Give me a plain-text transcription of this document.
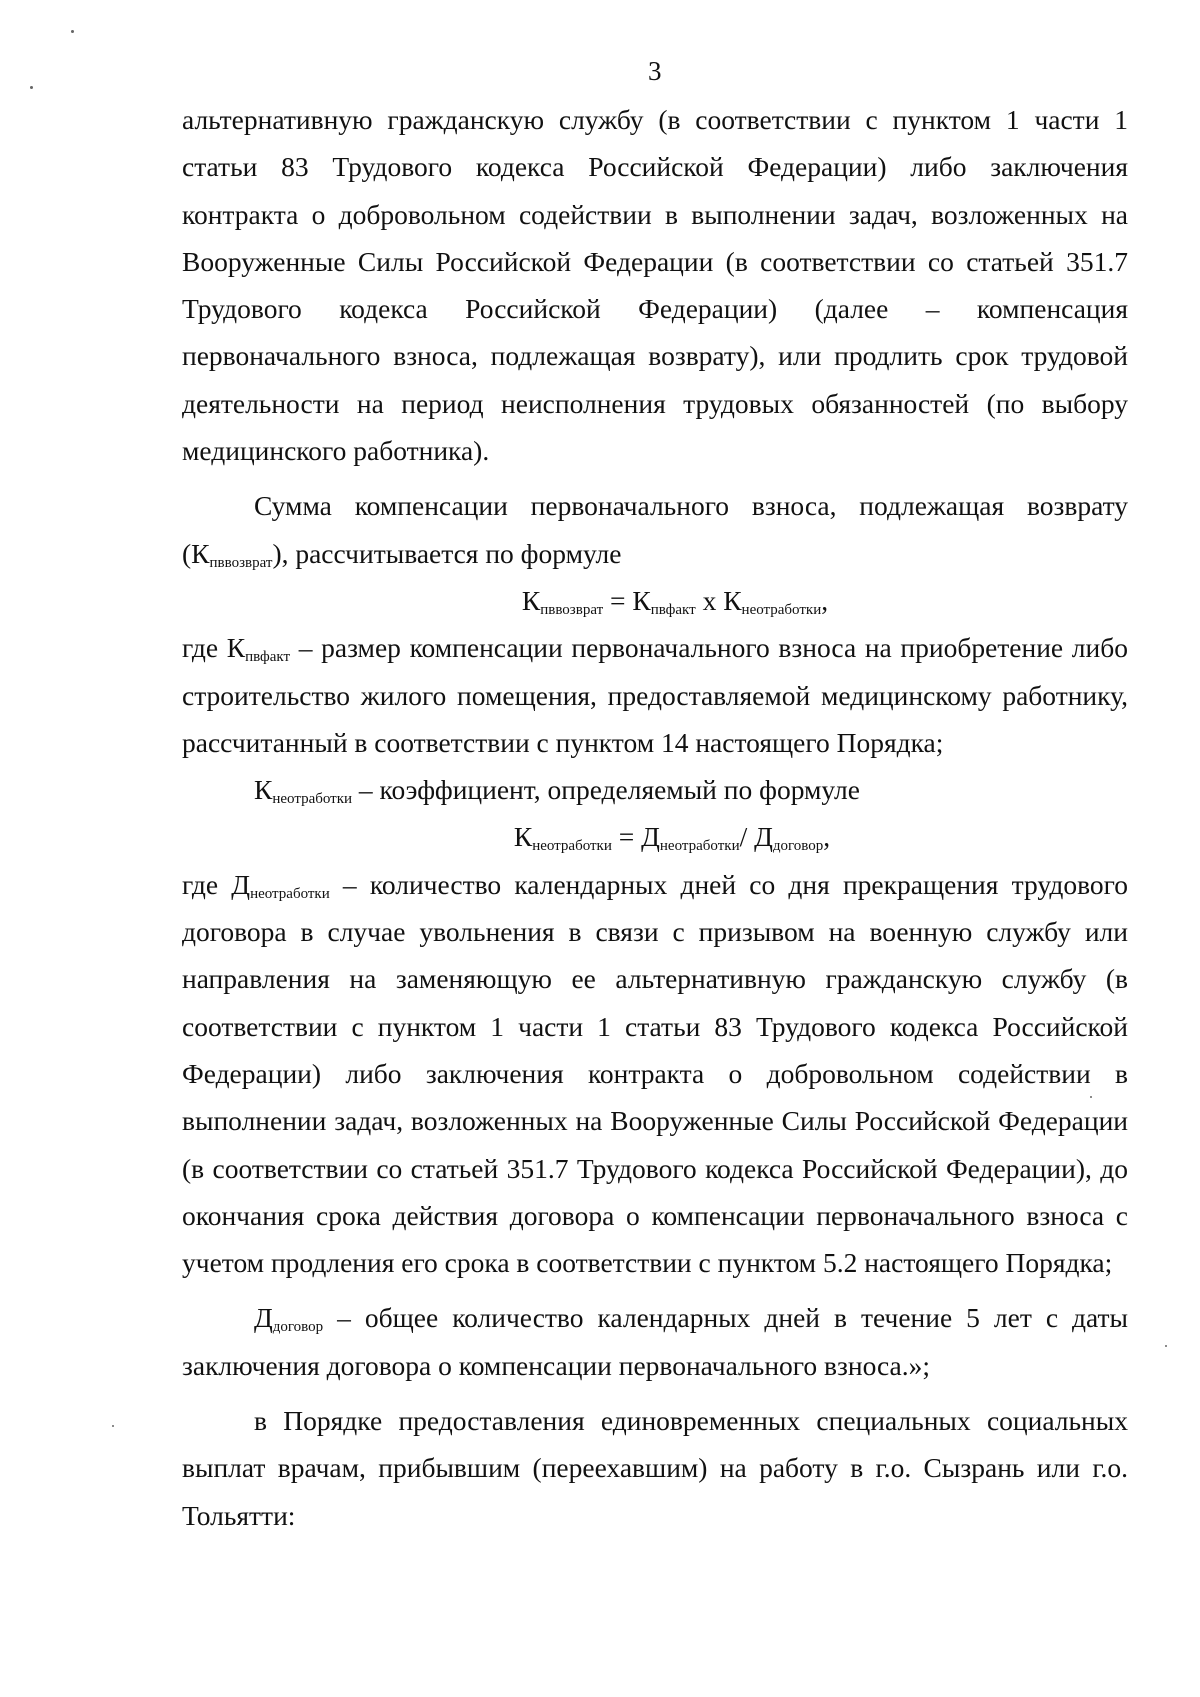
3

альтернативную гражданскую службу (в соответствии с пунктом 1 части 1 статьи 83 Трудового кодекса Российской Федерации) либо заключения контракта о добровольном содействии в выполнении задач, возложенных на Вооруженные Силы Российской Федерации (в соответствии со статьей 351.7 Трудового кодекса Российской Федерации) (далее – компенсация первоначального взноса, подлежащая возврату), или продлить срок трудовой деятельности на период неисполнения трудовых обязанностей (по выбору медицинского работника).

Сумма компенсации первоначального взноса, подлежащая возврату $(К_{пввозврат})$, рассчитывается по формуле

$К_{пввозврат} = К_{пвфакт}$ x $К_{неотработки}$,

где $К_{пвфакт}$ – размер компенсации первоначального взноса на приобретение либо строительство жилого помещения, предоставляемой медицинскому работнику, рассчитанный в соответствии с пунктом 14 настоящего Порядка;

$К_{неотработки}$ – коэффициент, определяемый по формуле

$К_{неотработки} = Д_{неотработки}/$ $Д_{договор}$,

где $Д_{неотработки}$ – количество календарных дней со дня прекращения трудового договора в случае увольнения в связи с призывом на военную службу или направления на заменяющую ее альтернативную гражданскую службу (в соответствии с пунктом 1 части 1 статьи 83 Трудового кодекса Российской Федерации) либо заключения контракта о добровольном содействии в выполнении задач, возложенных на Вооруженные Силы Российской Федерации (в соответствии со статьей 351.7 Трудового кодекса Российской Федерации), до окончания срока действия договора о компенсации первоначального взноса с учетом продления его срока в соответствии с пунктом 5.2 настоящего Порядка;

$Д_{договор}$ – общее количество календарных дней в течение 5 лет с даты заключения договора о компенсации первоначального взноса.»;

в Порядке предоставления единовременных специальных социальных выплат врачам, прибывшим (переехавшим) на работу в г.о. Сызрань или г.о. Тольятти:
